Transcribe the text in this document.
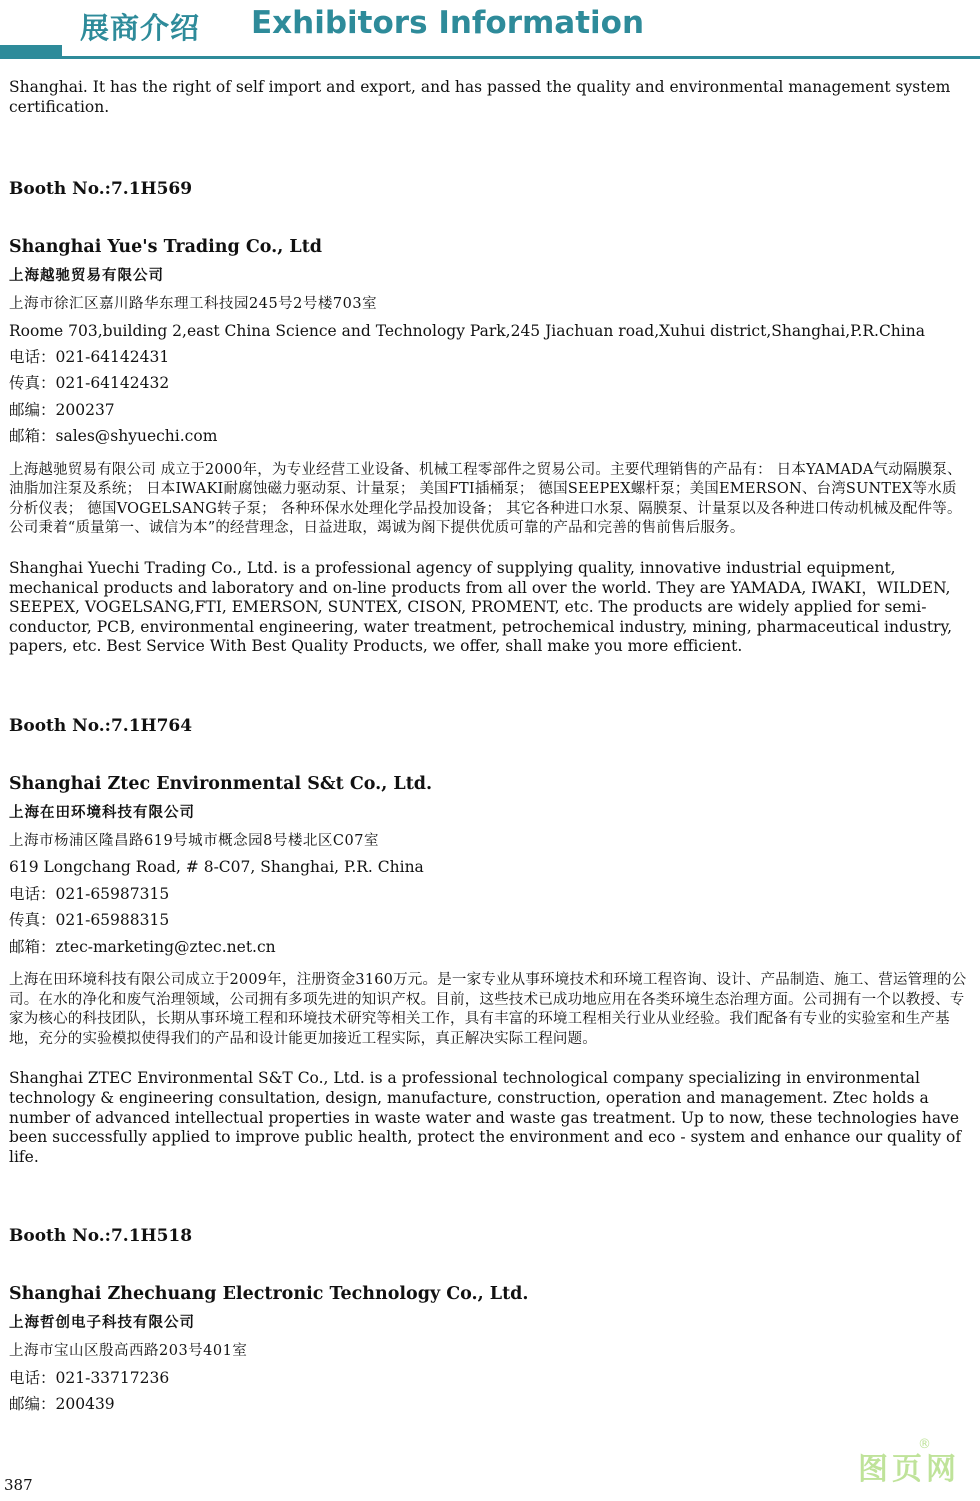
展商介绍 Exhibitors Information

Shanghai. It has the right of self import and export, and has passed the quality and environmental management system certification.

Booth No.:7.1H569

Shanghai Yue's Trading Co., Ltd

上海越驰贸易有限公司

上海市徐汇区嘉川路华东理工科技园245号2号楼703室

Roome 703,building 2,east China Science and Technology Park,245 Jiachuan road,Xuhui district,Shanghai,P.R.China

电话：021-64142431

传真：021-64142432

邮编：200237

邮箱：sales@shyuechi.com

上海越驰贸易有限公司 成立于2000年，为专业经营工业设备、机械工程零部件之贸易公司。主要代理销售的产品有： 日本YAMADA气动隔膜泵、油脂加注泵及系统； 日本IWAKI耐腐蚀磁力驱动泵、计量泵； 美国FTI插桶泵； 德国SEEPEX螺杆泵；美国EMERSON、台湾SUNTEX等水质分析仪表； 德国VOGELSANG转子泵； 各种环保水处理化学品投加设备； 其它各种进口水泵、隔膜泵、计量泵以及各种进口传动机械及配件等。 公司秉着“质量第一、诚信为本”的经营理念，日益进取，竭诚为阁下提供优质可靠的产品和完善的售前售后服务。

Shanghai Yuechi Trading Co., Ltd. is a professional agency of supplying quality, innovative industrial equipment, mechanical products and laboratory and on-line products from all over the world. They are YAMADA, IWAKI，WILDEN, SEEPEX, VOGELSANG,FTI, EMERSON, SUNTEX, CISON, PROMENT, etc. The products are widely applied for semi-conductor, PCB, environmental engineering, water treatment, petrochemical industry, mining, pharmaceutical industry, papers, etc. Best Service With Best Quality Products, we offer, shall make you more efficient.

Booth No.:7.1H764

Shanghai Ztec Environmental S&t Co., Ltd.

上海在田环境科技有限公司

上海市杨浦区隆昌路619号城市概念园8号楼北区C07室

619 Longchang Road, # 8-C07, Shanghai, P.R. China

电话：021-65987315

传真：021-65988315

邮箱：ztec-marketing@ztec.net.cn

上海在田环境科技有限公司成立于2009年，注册资金3160万元。是一家专业从事环境技术和环境工程咨询、设计、产品制造、施工、营运管理的公司。在水的净化和废气治理领域，公司拥有多项先进的知识产权。目前，这些技术已成功地应用在各类环境生态治理方面。公司拥有一个以教授、专家为核心的科技团队，长期从事环境工程和环境技术研究等相关工作，具有丰富的环境工程相关行业从业经验。我们配备有专业的实验室和生产基地，充分的实验模拟使得我们的产品和设计能更加接近工程实际，真正解决实际工程问题。

Shanghai ZTEC Environmental S&T Co., Ltd. is a professional technological company specializing in environmental technology & engineering consultation, design, manufacture, construction, operation and management. Ztec holds a number of advanced intellectual properties in waste water and waste gas treatment. Up to now, these technologies have been successfully applied to improve public health, protect the environment and eco - system and enhance our quality of life.

Booth No.:7.1H518

Shanghai Zhechuang Electronic Technology Co., Ltd.

上海哲创电子科技有限公司

上海市宝山区殷高西路203号401室

电话：021-33717236

邮编：200439

387	图页网
®
